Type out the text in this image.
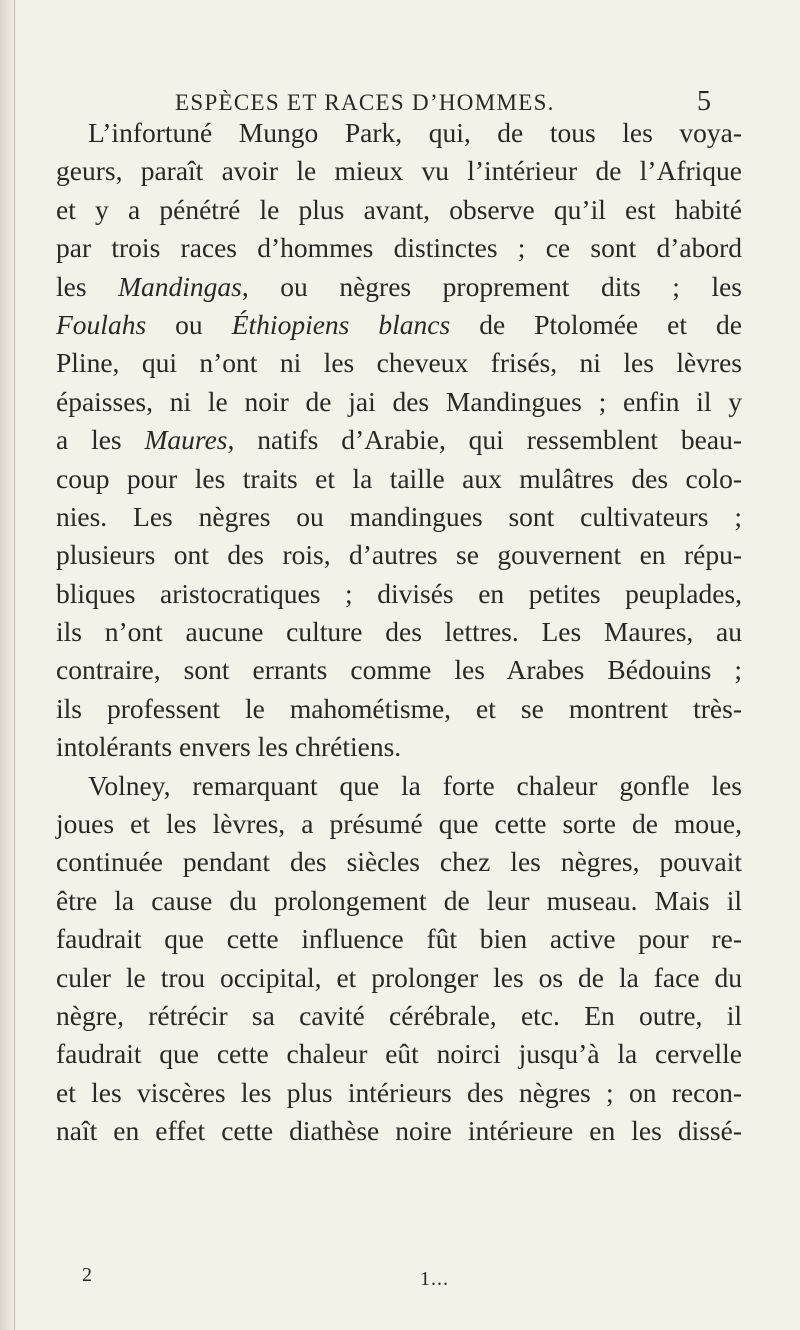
ESPÈCES ET RACES D’HOMMES.	5
L’infortuné Mungo Park, qui, de tous les voya-
geurs, paraît avoir le mieux vu l’intérieur de l’Afrique
et y a pénétré le plus avant, observe qu’il est habité
par trois races d’hommes distinctes ; ce sont d’abord
les Mandingas, ou nègres proprement dits ; les
Foulahs ou Éthiopiens blancs de Ptolomée et de
Pline, qui n’ont ni les cheveux frisés, ni les lèvres
épaisses, ni le noir de jai des Mandingues ; enfin il y
a les Maures, natifs d’Arabie, qui ressemblent beau-
coup pour les traits et la taille aux mulâtres des colo-
nies. Les nègres ou mandingues sont cultivateurs ;
plusieurs ont des rois, d’autres se gouvernent en répu-
bliques aristocratiques ; divisés en petites peuplades,
ils n’ont aucune culture des lettres. Les Maures, au
contraire, sont errants comme les Arabes Bédouins ;
ils professent le mahométisme, et se montrent très-
intolérants envers les chrétiens.
Volney, remarquant que la forte chaleur gonfle les
joues et les lèvres, a présumé que cette sorte de moue,
continuée pendant des siècles chez les nègres, pouvait
être la cause du prolongement de leur museau. Mais il
faudrait que cette influence fût bien active pour re-
culer le trou occipital, et prolonger les os de la face du
nègre, rétrécir sa cavité cérébrale, etc. En outre, il
faudrait que cette chaleur eût noirci jusqu’à la cervelle
et les viscères les plus intérieurs des nègres ; on recon-
naît en effet cette diathèse noire intérieure en les dissé-
2	1...
